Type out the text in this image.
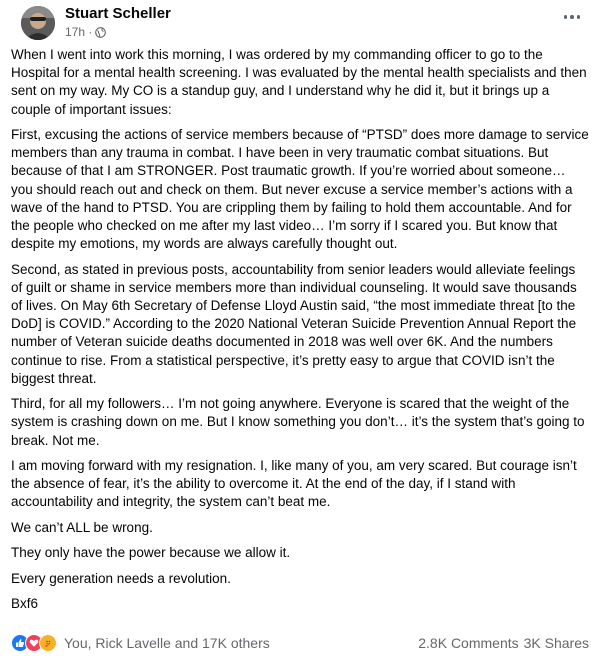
Stuart Scheller
17h ·

When I went into work this morning, I was ordered by my commanding officer to go to the Hospital for a mental health screening. I was evaluated by the mental health specialists and then sent on my way. My CO is a standup guy, and I understand why he did it, but it brings up a couple of important issues:

First, excusing the actions of service members because of “PTSD” does more damage to service members than any trauma in combat. I have been in very traumatic combat situations. But because of that I am STRONGER. Post traumatic growth. If you’re worried about someone… you should reach out and check on them. But never excuse a service member’s actions with a wave of the hand to PTSD. You are crippling them by failing to hold them accountable. And for the people who checked on me after my last video… I’m sorry if I scared you. But know that despite my emotions, my words are always carefully thought out.

Second, as stated in previous posts, accountability from senior leaders would alleviate feelings of guilt or shame in service members more than individual counseling. It would save thousands of lives. On May 6th Secretary of Defense Lloyd Austin said, “the most immediate threat [to the DoD] is COVID.” According to the 2020 National Veteran Suicide Prevention Annual Report the number of Veteran suicide deaths documented in 2018 was well over 6K. And the numbers continue to rise. From a statistical perspective, it’s pretty easy to argue that COVID isn’t the biggest threat.

Third, for all my followers… I’m not going anywhere. Everyone is scared that the weight of the system is crashing down on me. But I know something you don’t… it’s the system that’s going to break. Not me.

I am moving forward with my resignation. I, like many of you, am very scared. But courage isn’t the absence of fear, it’s the ability to overcome it. At the end of the day, if I stand with accountability and integrity, the system can’t beat me.

We can’t ALL be wrong.

They only have the power because we allow it.

Every generation needs a revolution.

Bxf6

You, Rick Lavelle and 17K others	2.8K Comments 3K Shares
